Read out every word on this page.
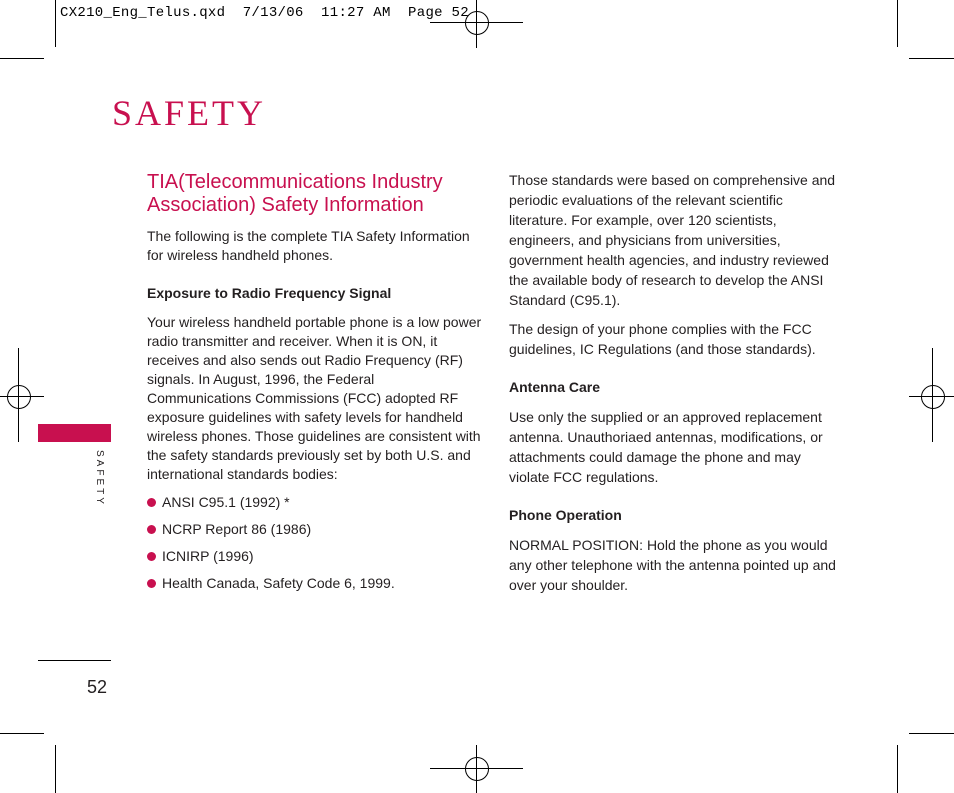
CX210_Eng_Telus.qxd  7/13/06  11:27 AM  Page 52
SAFETY
SAFETY
TIA(Telecommunications Industry
Association) Safety Information

The following is the complete TIA Safety Information for wireless handheld phones.

Exposure to Radio Frequency Signal

Your wireless handheld portable phone is a low power radio transmitter and receiver. When it is ON, it receives and also sends out Radio Frequency (RF) signals. In August, 1996, the Federal Communications Commissions (FCC) adopted RF exposure guidelines with safety levels for handheld wireless phones. Those guidelines are consistent with the safety standards previously set by both U.S. and international standards bodies:

ANSI C95.1 (1992) *
NCRP Report 86 (1986)
ICNIRP (1996)
Health Canada, Safety Code 6, 1999.

Those standards were based on comprehensive and periodic evaluations of the relevant scientific literature. For example, over 120 scientists, engineers, and physicians from universities, government health agencies, and industry reviewed the available body of research to develop the ANSI Standard (C95.1).

The design of your phone complies with the FCC guidelines, IC Regulations (and those standards).

Antenna Care

Use only the supplied or an approved replacement antenna. Unauthoriaed antennas, modifications, or attachments could damage the phone and may violate FCC regulations.

Phone Operation

NORMAL POSITION: Hold the phone as you would any other telephone with the antenna pointed up and over your shoulder.

52
